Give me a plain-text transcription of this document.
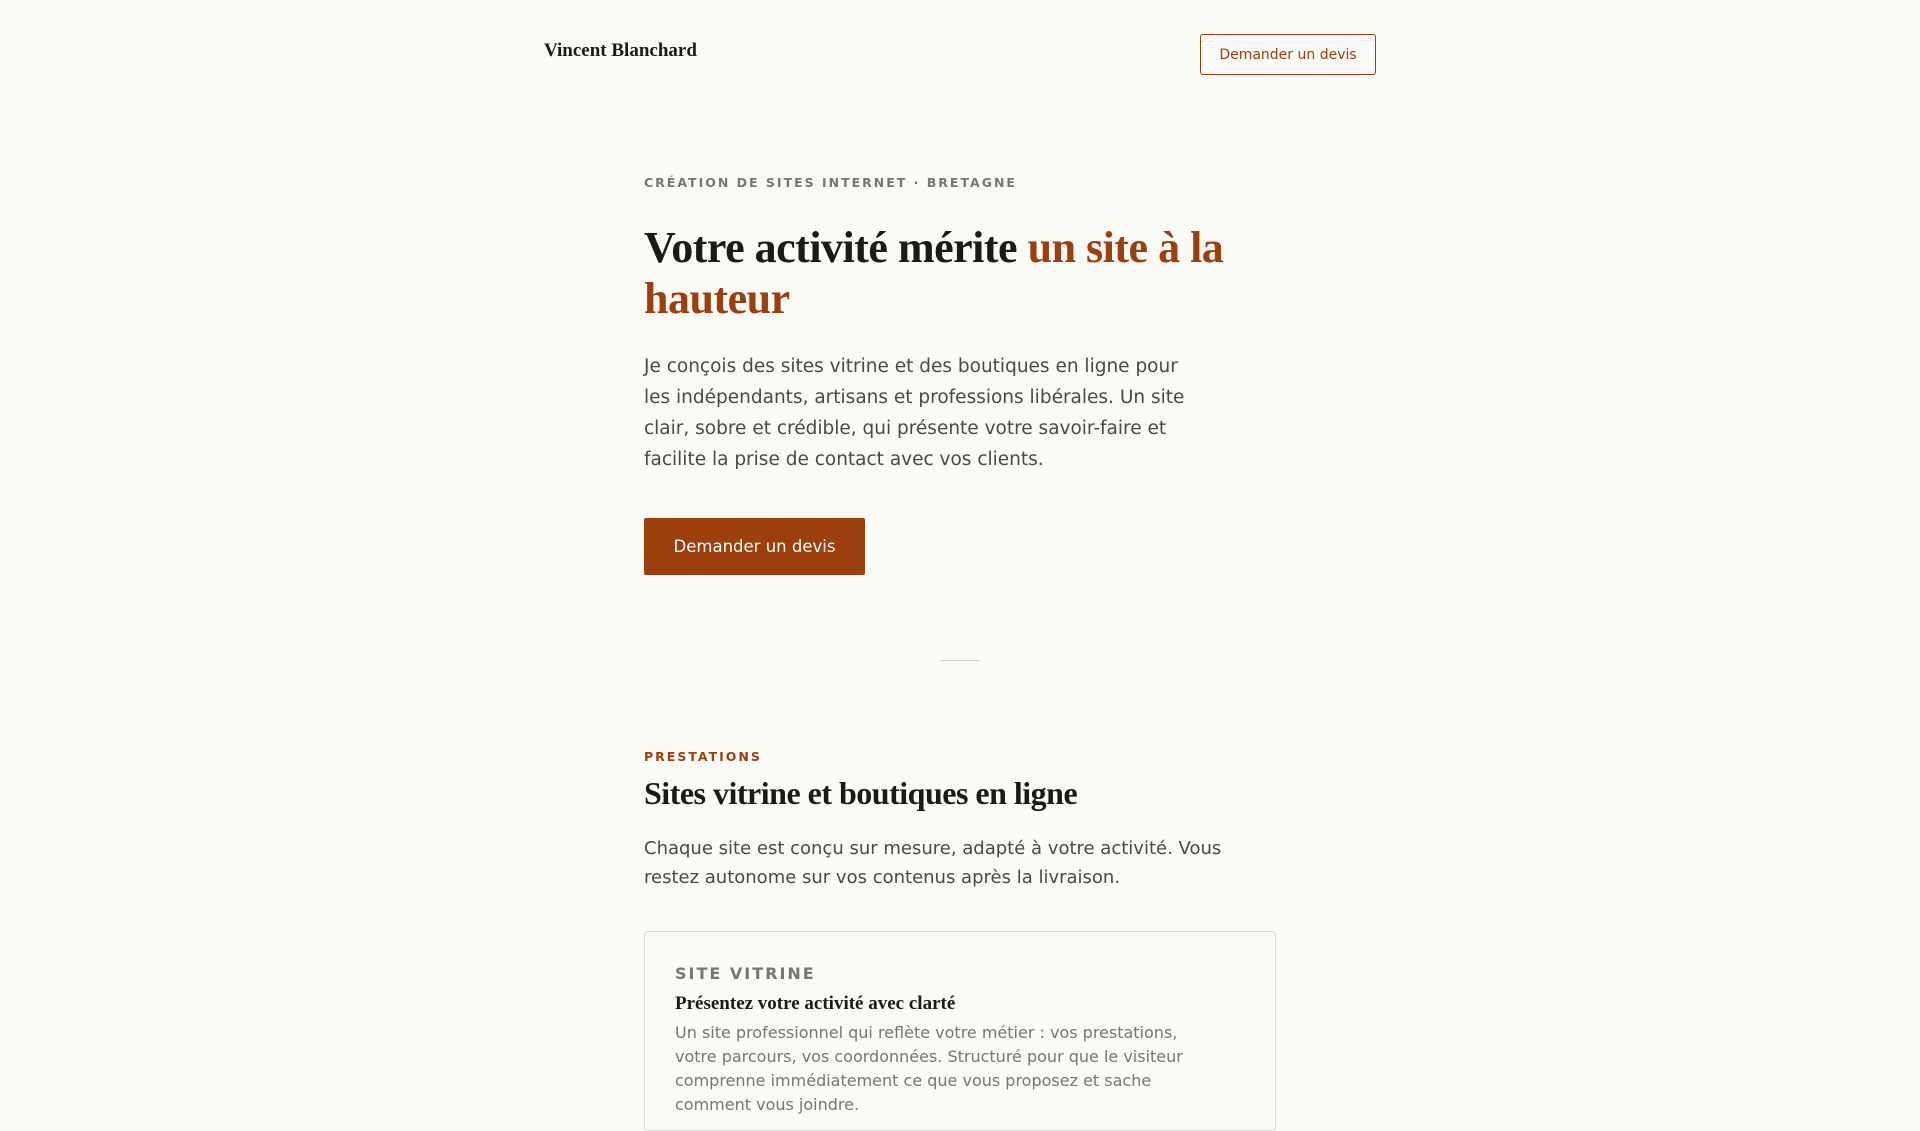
Vincent Blanchard	Demander un devis
CRÉATION DE SITES INTERNET · BRETAGNE
Votre activité mérite un site à la hauteur

Je conçois des sites vitrine et des boutiques en ligne pour les indépendants, artisans et professions libérales. Un site clair, sobre et crédible, qui présente votre savoir-faire et facilite la prise de contact avec vos clients.

Demander un devis
PRESTATIONS
Sites vitrine et boutiques en ligne

Chaque site est conçu sur mesure, adapté à votre activité. Vous restez autonome sur vos contenus après la livraison.

SITE VITRINE
Présentez votre activité avec clarté
Un site professionnel qui reflète votre métier : vos prestations, votre parcours, vos coordonnées. Structuré pour que le visiteur comprenne immédiatement ce que vous proposez et sache comment vous joindre.
